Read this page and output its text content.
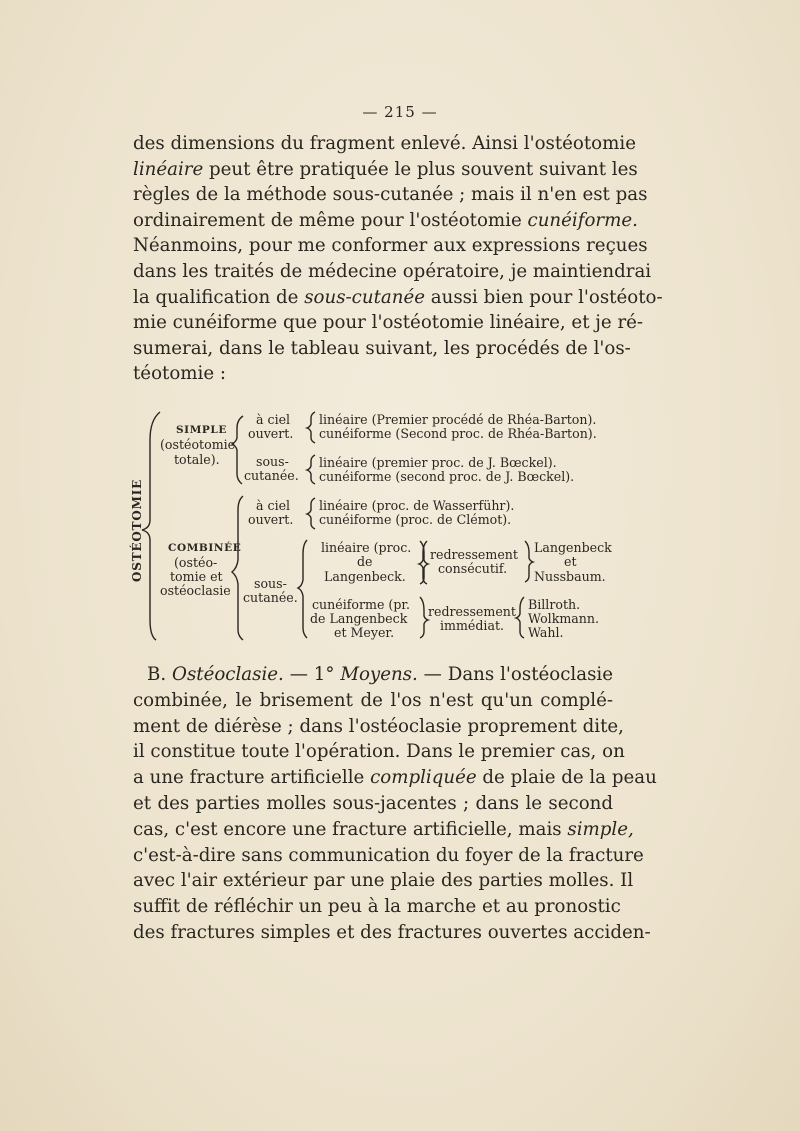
— 215 —
des dimensions du fragment enlevé. Ainsi l'ostéotomie
linéaire peut être pratiquée le plus souvent suivant les
règles de la méthode sous-cutanée ; mais il n'en est pas
ordinairement de même pour l'ostéotomie cunéiforme.
Néanmoins, pour me conformer aux expressions reçues
dans les traités de médecine opératoire, je maintiendrai
la qualification de sous-cutanée aussi bien pour l'ostéoto-
mie cunéiforme que pour l'ostéotomie linéaire, et je ré-
sumerai, dans le tableau suivant, les procédés de l'os-
téotomie :
OSTÉOTOMIE
SIMPLE
(ostéotomie
totale).
à ciel
ouvert.
linéaire (Premier procédé de Rhéa-Barton).
cunéiforme (Second proc. de Rhéa-Barton).
sous-
cutanée.
linéaire (premier proc. de J. Bœckel).
cunéiforme (second proc. de J. Bœckel).
à ciel
ouvert.
linéaire (proc. de Wasserführ).
cunéiforme (proc. de Clémot).
COMBINÉE
(ostéo-
tomie et
ostéoclasie sous-
cutanée.
linéaire (proc.
de
Langenbeck.
redressement
consécutif.
Langenbeck
et
Nussbaum.
cunéiforme (pr.
de Langenbeck
et Meyer.
redressement
immédiat.
Billroth.
Wolkmann.
Wahl.
B. Ostéoclasie. — 1° Moyens. — Dans l'ostéoclasie
combinée, le brisement de l'os n'est qu'un complé-
ment de diérèse ; dans l'ostéoclasie proprement dite,
il constitue toute l'opération. Dans le premier cas, on
a une fracture artificielle compliquée de plaie de la peau
et des parties molles sous-jacentes ; dans le second
cas, c'est encore une fracture artificielle, mais simple,
c'est-à-dire sans communication du foyer de la fracture
avec l'air extérieur par une plaie des parties molles. Il
suffit de réfléchir un peu à la marche et au pronostic
des fractures simples et des fractures ouvertes acciden-
